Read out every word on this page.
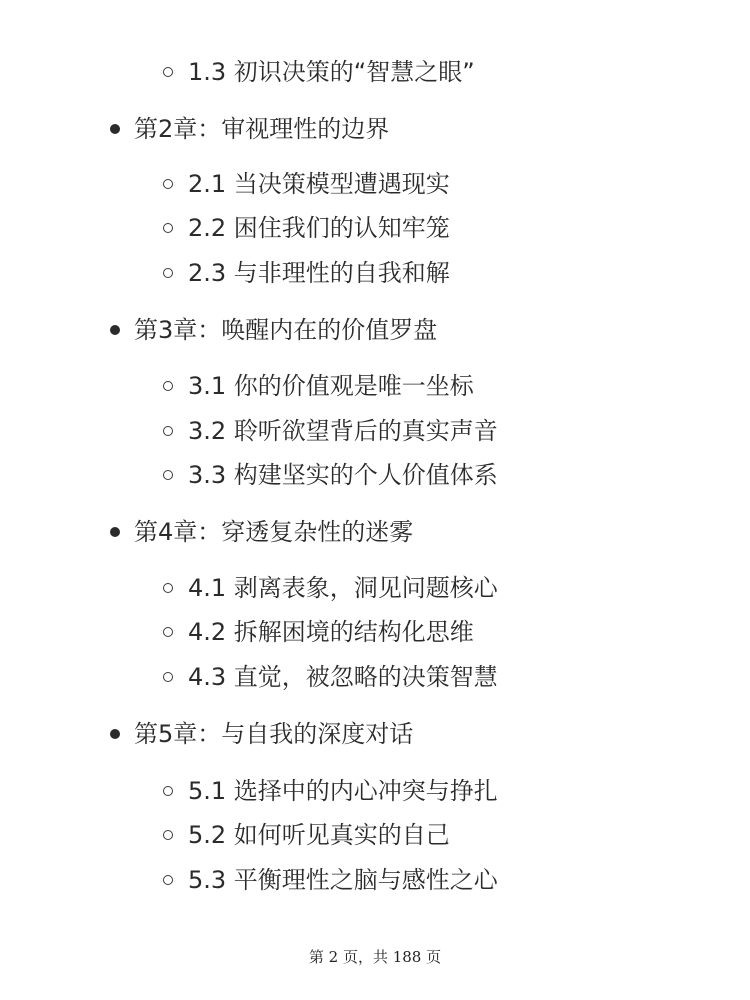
1.3 初识决策的“智慧之眼”
第2章：审视理性的边界
2.1 当决策模型遭遇现实
2.2 困住我们的认知牢笼
2.3 与非理性的自我和解
第3章：唤醒内在的价值罗盘
3.1 你的价值观是唯一坐标
3.2 聆听欲望背后的真实声音
3.3 构建坚实的个人价值体系
第4章：穿透复杂性的迷雾
4.1 剥离表象，洞见问题核心
4.2 拆解困境的结构化思维
4.3 直觉，被忽略的决策智慧
第5章：与自我的深度对话
5.1 选择中的内心冲突与挣扎
5.2 如何听见真实的自己
5.3 平衡理性之脑与感性之心
第 2 页，共 188 页
